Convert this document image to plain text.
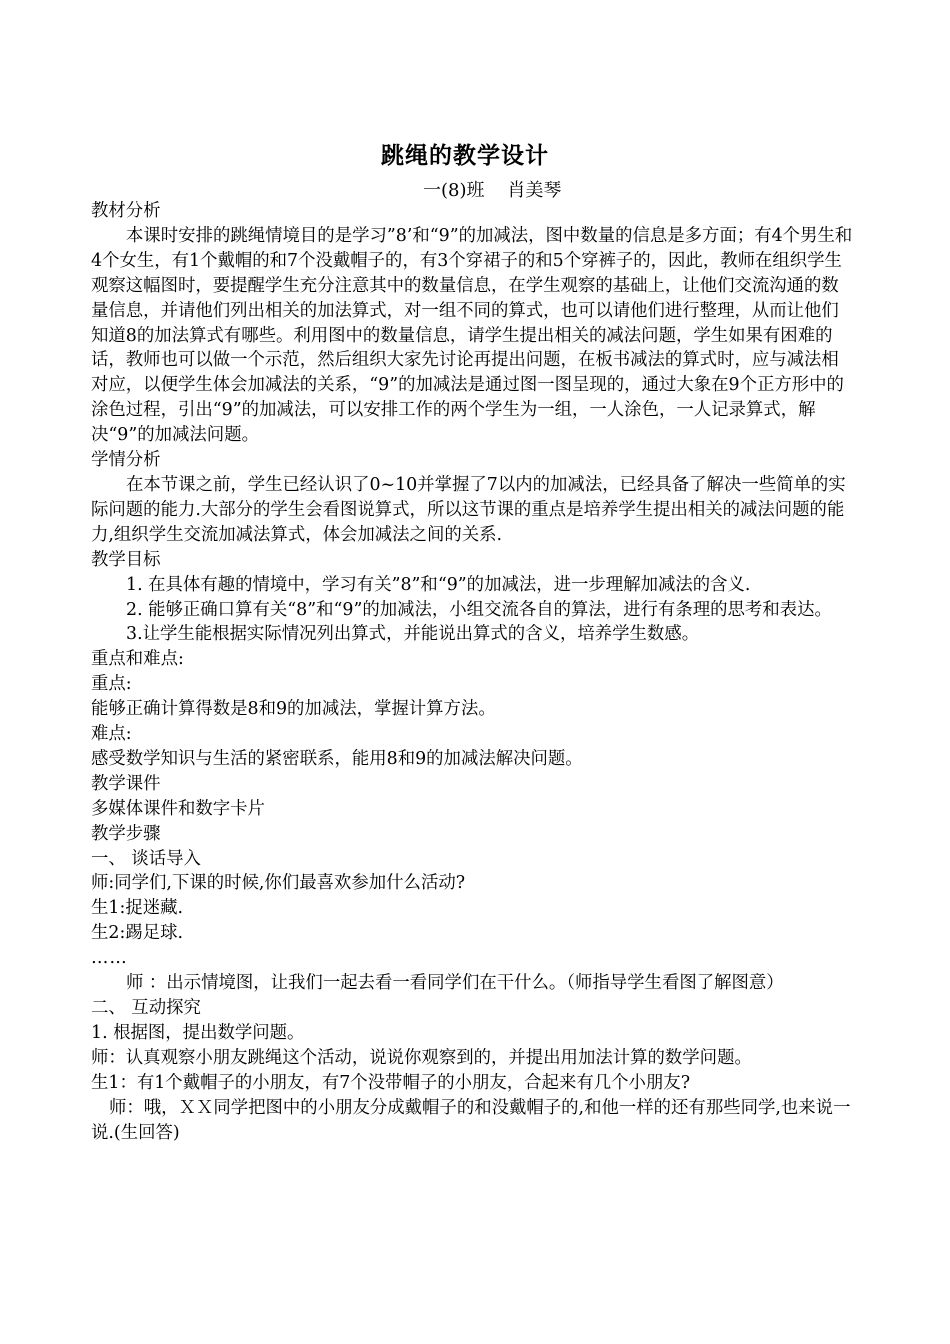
跳绳的教学设计
一(8)班    肖美琴

教材分析

本课时安排的跳绳情境目的是学习”8’和“9”的加减法，图中数量的信息是多方面；有4个男生和4个女生，有1个戴帽的和7个没戴帽子的，有3个穿裙子的和5个穿裤子的，因此，教师在组织学生观察这幅图时，要提醒学生充分注意其中的数量信息，在学生观察的基础上，让他们交流沟通的数量信息，并请他们列出相关的加法算式，对一组不同的算式，也可以请他们进行整理，从而让他们知道8的加法算式有哪些。利用图中的数量信息，请学生提出相关的减法问题，学生如果有困难的话，教师也可以做一个示范，然后组织大家先讨论再提出问题，在板书减法的算式时，应与减法相对应，以便学生体会加减法的关系，“9”的加减法是通过图一图呈现的，通过大象在9个正方形中的涂色过程，引出“9”的加减法，可以安排工作的两个学生为一组，一人涂色，一人记录算式，解决“9”的加减法问题。

学情分析

在本节课之前，学生已经认识了0~10并掌握了7以内的加减法，已经具备了解决一些简单的实际问题的能力.大部分的学生会看图说算式，所以这节课的重点是培养学生提出相关的减法问题的能力,组织学生交流加减法算式，体会加减法之间的关系.

教学目标

1. 在具体有趣的情境中，学习有关”8”和“9”的加减法，进一步理解加减法的含义.

2. 能够正确口算有关“8”和“9”的加减法，小组交流各自的算法，进行有条理的思考和表达。

3.让学生能根据实际情况列出算式，并能说出算式的含义，培养学生数感。

重点和难点:

重点:

能够正确计算得数是8和9的加减法，掌握计算方法。

难点:

感受数学知识与生活的紧密联系，能用8和9的加减法解决问题。

教学课件

多媒体课件和数字卡片

教学步骤

一、 谈话导入

师:同学们,下课的时候,你们最喜欢参加什么活动?

生1:捉迷藏.

生2:踢足球.

……

师 ：出示情境图，让我们一起去看一看同学们在干什么。（师指导学生看图了解图意）

二、 互动探究

1. 根据图，提出数学问题。

师：认真观察小朋友跳绳这个活动，说说你观察到的，并提出用加法计算的数学问题。

生1：有1个戴帽子的小朋友，有7个没带帽子的小朋友，合起来有几个小朋友?

师：哦，ＸＸ同学把图中的小朋友分成戴帽子的和没戴帽子的,和他一样的还有那些同学,也来说一说.(生回答)
